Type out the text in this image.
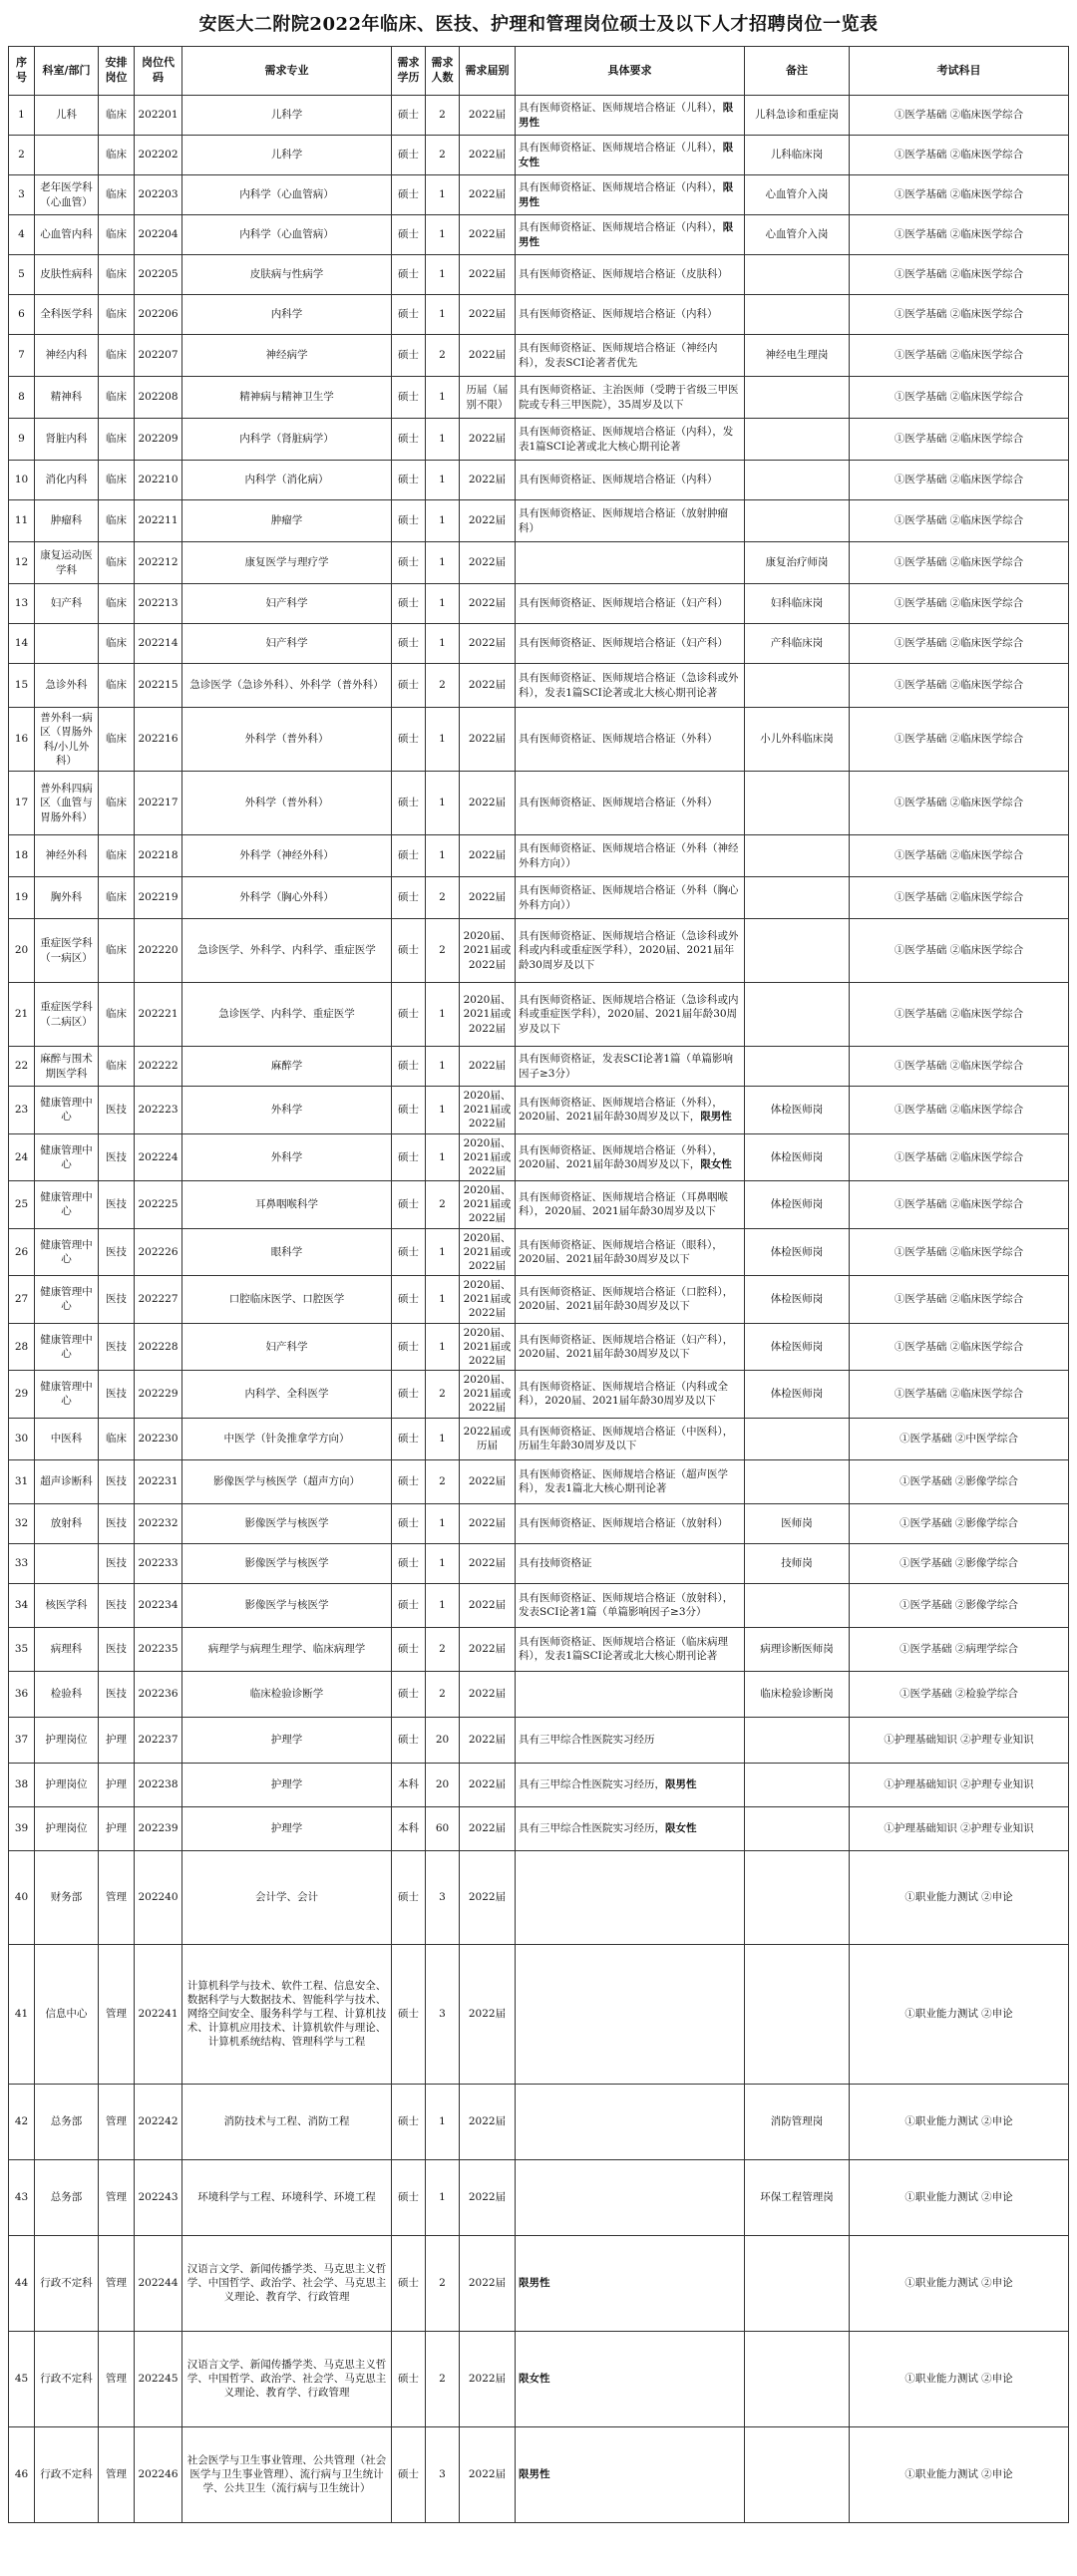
安医大二附院2022年临床、医技、护理和管理岗位硕士及以下人才招聘岗位一览表
序号	科室/部门	安排岗位	岗位代码	需求专业	需求学历	需求人数	需求届别	具体要求	备注	考试科目
1	儿科	临床	202201	儿科学	硕士	2	2022届	具有医师资格证、医师规培合格证（儿科），限男性	儿科急诊和重症岗	①医学基础 ②临床医学综合
2		临床	202202	儿科学	硕士	2	2022届	具有医师资格证、医师规培合格证（儿科），限女性	儿科临床岗	①医学基础 ②临床医学综合
3	老年医学科（心血管）	临床	202203	内科学（心血管病）	硕士	1	2022届	具有医师资格证、医师规培合格证（内科），限男性	心血管介入岗	①医学基础 ②临床医学综合
4	心血管内科	临床	202204	内科学（心血管病）	硕士	1	2022届	具有医师资格证、医师规培合格证（内科），限男性	心血管介入岗	①医学基础 ②临床医学综合
5	皮肤性病科	临床	202205	皮肤病与性病学	硕士	1	2022届	具有医师资格证、医师规培合格证（皮肤科）		①医学基础 ②临床医学综合
6	全科医学科	临床	202206	内科学	硕士	1	2022届	具有医师资格证、医师规培合格证（内科）		①医学基础 ②临床医学综合
7	神经内科	临床	202207	神经病学	硕士	2	2022届	具有医师资格证、医师规培合格证（神经内科），发表SCI论著者优先	神经电生理岗	①医学基础 ②临床医学综合
8	精神科	临床	202208	精神病与精神卫生学	硕士	1	历届（届别不限）	具有医师资格证、主治医师（受聘于省级三甲医院或专科三甲医院），35周岁及以下		①医学基础 ②临床医学综合
9	肾脏内科	临床	202209	内科学（肾脏病学）	硕士	1	2022届	具有医师资格证、医师规培合格证（内科），发表1篇SCI论著或北大核心期刊论著		①医学基础 ②临床医学综合
10	消化内科	临床	202210	内科学（消化病）	硕士	1	2022届	具有医师资格证、医师规培合格证（内科）		①医学基础 ②临床医学综合
11	肿瘤科	临床	202211	肿瘤学	硕士	1	2022届	具有医师资格证、医师规培合格证（放射肿瘤科）		①医学基础 ②临床医学综合
12	康复运动医学科	临床	202212	康复医学与理疗学	硕士	1	2022届		康复治疗师岗	①医学基础 ②临床医学综合
13	妇产科	临床	202213	妇产科学	硕士	1	2022届	具有医师资格证、医师规培合格证（妇产科）	妇科临床岗	①医学基础 ②临床医学综合
14		临床	202214	妇产科学	硕士	1	2022届	具有医师资格证、医师规培合格证（妇产科）	产科临床岗	①医学基础 ②临床医学综合
15	急诊外科	临床	202215	急诊医学（急诊外科）、外科学（普外科）	硕士	2	2022届	具有医师资格证、医师规培合格证（急诊科或外科），发表1篇SCI论著或北大核心期刊论著		①医学基础 ②临床医学综合
16	普外科一病区（胃肠外科/小儿外科）	临床	202216	外科学（普外科）	硕士	1	2022届	具有医师资格证、医师规培合格证（外科）	小儿外科临床岗	①医学基础 ②临床医学综合
17	普外科四病区（血管与胃肠外科）	临床	202217	外科学（普外科）	硕士	1	2022届	具有医师资格证、医师规培合格证（外科）		①医学基础 ②临床医学综合
18	神经外科	临床	202218	外科学（神经外科）	硕士	1	2022届	具有医师资格证、医师规培合格证（外科（神经外科方向））		①医学基础 ②临床医学综合
19	胸外科	临床	202219	外科学（胸心外科）	硕士	2	2022届	具有医师资格证、医师规培合格证（外科（胸心外科方向））		①医学基础 ②临床医学综合
20	重症医学科（一病区）	临床	202220	急诊医学、外科学、内科学、重症医学	硕士	2	2020届、2021届或2022届	具有医师资格证、医师规培合格证（急诊科或外科或内科或重症医学科），2020届、2021届年龄30周岁及以下		①医学基础 ②临床医学综合
21	重症医学科（二病区）	临床	202221	急诊医学、内科学、重症医学	硕士	1	2020届、2021届或2022届	具有医师资格证、医师规培合格证（急诊科或内科或重症医学科），2020届、2021届年龄30周岁及以下		①医学基础 ②临床医学综合
22	麻醉与围术期医学科	临床	202222	麻醉学	硕士	1	2022届	具有医师资格证，发表SCI论著1篇（单篇影响因子≥3分）		①医学基础 ②临床医学综合
23	健康管理中心	医技	202223	外科学	硕士	1	2020届、2021届或2022届	具有医师资格证、医师规培合格证（外科），2020届、2021届年龄30周岁及以下，限男性	体检医师岗	①医学基础 ②临床医学综合
24	健康管理中心	医技	202224	外科学	硕士	1	2020届、2021届或2022届	具有医师资格证、医师规培合格证（外科），2020届、2021届年龄30周岁及以下，限女性	体检医师岗	①医学基础 ②临床医学综合
25	健康管理中心	医技	202225	耳鼻咽喉科学	硕士	2	2020届、2021届或2022届	具有医师资格证、医师规培合格证（耳鼻咽喉科），2020届、2021届年龄30周岁及以下	体检医师岗	①医学基础 ②临床医学综合
26	健康管理中心	医技	202226	眼科学	硕士	1	2020届、2021届或2022届	具有医师资格证、医师规培合格证（眼科），2020届、2021届年龄30周岁及以下	体检医师岗	①医学基础 ②临床医学综合
27	健康管理中心	医技	202227	口腔临床医学、口腔医学	硕士	1	2020届、2021届或2022届	具有医师资格证、医师规培合格证（口腔科），2020届、2021届年龄30周岁及以下	体检医师岗	①医学基础 ②临床医学综合
28	健康管理中心	医技	202228	妇产科学	硕士	1	2020届、2021届或2022届	具有医师资格证、医师规培合格证（妇产科），2020届、2021届年龄30周岁及以下	体检医师岗	①医学基础 ②临床医学综合
29	健康管理中心	医技	202229	内科学、全科医学	硕士	2	2020届、2021届或2022届	具有医师资格证、医师规培合格证（内科或全科），2020届、2021届年龄30周岁及以下	体检医师岗	①医学基础 ②临床医学综合
30	中医科	临床	202230	中医学（针灸推拿学方向）	硕士	1	2022届或历届	具有医师资格证、医师规培合格证（中医科），历届生年龄30周岁及以下		①医学基础 ②中医学综合
31	超声诊断科	医技	202231	影像医学与核医学（超声方向）	硕士	2	2022届	具有医师资格证、医师规培合格证（超声医学科），发表1篇北大核心期刊论著		①医学基础 ②影像学综合
32	放射科	医技	202232	影像医学与核医学	硕士	1	2022届	具有医师资格证、医师规培合格证（放射科）	医师岗	①医学基础 ②影像学综合
33		医技	202233	影像医学与核医学	硕士	1	2022届	具有技师资格证	技师岗	①医学基础 ②影像学综合
34	核医学科	医技	202234	影像医学与核医学	硕士	1	2022届	具有医师资格证、医师规培合格证（放射科），发表SCI论著1篇（单篇影响因子≥3分）		①医学基础 ②影像学综合
35	病理科	医技	202235	病理学与病理生理学、临床病理学	硕士	2	2022届	具有医师资格证、医师规培合格证（临床病理科），发表1篇SCI论著或北大核心期刊论著	病理诊断医师岗	①医学基础 ②病理学综合
36	检验科	医技	202236	临床检验诊断学	硕士	2	2022届		临床检验诊断岗	①医学基础 ②检验学综合
37	护理岗位	护理	202237	护理学	硕士	20	2022届	具有三甲综合性医院实习经历		①护理基础知识 ②护理专业知识
38	护理岗位	护理	202238	护理学	本科	20	2022届	具有三甲综合性医院实习经历，限男性		①护理基础知识 ②护理专业知识
39	护理岗位	护理	202239	护理学	本科	60	2022届	具有三甲综合性医院实习经历，限女性		①护理基础知识 ②护理专业知识
40	财务部	管理	202240	会计学、会计	硕士	3	2022届			①职业能力测试 ②申论
41	信息中心	管理	202241	计算机科学与技术、软件工程、信息安全、数据科学与大数据技术、智能科学与技术、网络空间安全、服务科学与工程、计算机技术、计算机应用技术、计算机软件与理论、计算机系统结构、管理科学与工程	硕士	3	2022届			①职业能力测试 ②申论
42	总务部	管理	202242	消防技术与工程、消防工程	硕士	1	2022届		消防管理岗	①职业能力测试 ②申论
43	总务部	管理	202243	环境科学与工程、环境科学、环境工程	硕士	1	2022届		环保工程管理岗	①职业能力测试 ②申论
44	行政不定科	管理	202244	汉语言文学、新闻传播学类、马克思主义哲学、中国哲学、政治学、社会学、马克思主义理论、教育学、行政管理	硕士	2	2022届	限男性		①职业能力测试 ②申论
45	行政不定科	管理	202245	汉语言文学、新闻传播学类、马克思主义哲学、中国哲学、政治学、社会学、马克思主义理论、教育学、行政管理	硕士	2	2022届	限女性		①职业能力测试 ②申论
46	行政不定科	管理	202246	社会医学与卫生事业管理、公共管理（社会医学与卫生事业管理）、流行病与卫生统计学、公共卫生（流行病与卫生统计）	硕士	3	2022届	限男性		①职业能力测试 ②申论
